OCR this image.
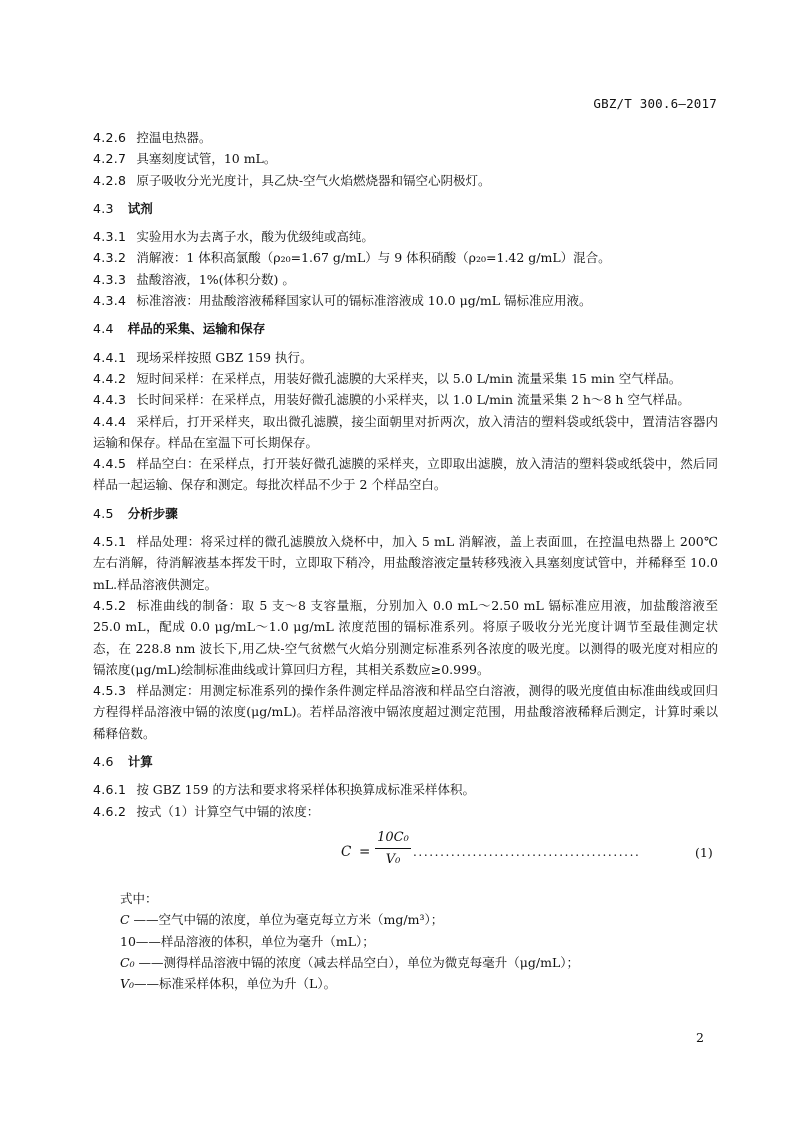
GBZ/T 300.6—2017

4.2.6 控温电热器。

4.2.7 具塞刻度试管，10 mL。

4.2.8 原子吸收分光光度计，具乙炔-空气火焰燃烧器和镉空心阴极灯。

4.3 试剂

4.3.1 实验用水为去离子水，酸为优级纯或高纯。

4.3.2 消解液：1 体积高氯酸（ρ₂₀=1.67 g/mL）与 9 体积硝酸（ρ₂₀=1.42 g/mL）混合。

4.3.3 盐酸溶液，1%(体积分数) 。

4.3.4 标准溶液：用盐酸溶液稀释国家认可的镉标准溶液成 10.0 μg/mL 镉标准应用液。

4.4 样品的采集、运输和保存

4.4.1 现场采样按照 GBZ 159 执行。

4.4.2 短时间采样：在采样点，用装好微孔滤膜的大采样夹，以 5.0 L/min 流量采集 15 min 空气样品。

4.4.3 长时间采样：在采样点，用装好微孔滤膜的小采样夹，以 1.0 L/min 流量采集 2 h～8 h 空气样品。

4.4.4 采样后，打开采样夹，取出微孔滤膜，接尘面朝里对折两次，放入清洁的塑料袋或纸袋中，置清洁容器内运输和保存。样品在室温下可长期保存。

4.4.5 样品空白：在采样点，打开装好微孔滤膜的采样夹，立即取出滤膜，放入清洁的塑料袋或纸袋中，然后同样品一起运输、保存和测定。每批次样品不少于 2 个样品空白。

4.5 分析步骤

4.5.1 样品处理：将采过样的微孔滤膜放入烧杯中，加入 5 mL 消解液，盖上表面皿，在控温电热器上 200℃左右消解，待消解液基本挥发干时，立即取下稍冷，用盐酸溶液定量转移残液入具塞刻度试管中，并稀释至 10.0 mL.样品溶液供测定。

4.5.2 标准曲线的制备：取 5 支～8 支容量瓶，分别加入 0.0 mL～2.50 mL 镉标准应用液，加盐酸溶液至 25.0 mL，配成 0.0 μg/mL～1.0 μg/mL 浓度范围的镉标准系列。将原子吸收分光光度计调节至最佳测定状态，在 228.8 nm 波长下,用乙炔-空气贫燃气火焰分别测定标准系列各浓度的吸光度。以测得的吸光度对相应的镉浓度(μg/mL)绘制标准曲线或计算回归方程，其相关系数应≥0.999。

4.5.3 样品测定：用测定标准系列的操作条件测定样品溶液和样品空白溶液，测得的吸光度值由标准曲线或回归方程得样品溶液中镉的浓度(μg/mL)。若样品溶液中镉浓度超过测定范围，用盐酸溶液稀释后测定，计算时乘以稀释倍数。

4.6 计算

4.6.1 按 GBZ 159 的方法和要求将采样体积换算成标准采样体积。

4.6.2 按式（1）计算空气中镉的浓度：

$C = \frac{\text{10C₀}}{\text{V₀}}$ ..........................................	(1)

式中：

C ——空气中镉的浓度，单位为毫克每立方米（mg/m³）；

10——样品溶液的体积，单位为毫升（mL）；

C₀ ——测得样品溶液中镉的浓度（减去样品空白），单位为微克每毫升（μg/mL）；

V₀——标准采样体积，单位为升（L）。

2
